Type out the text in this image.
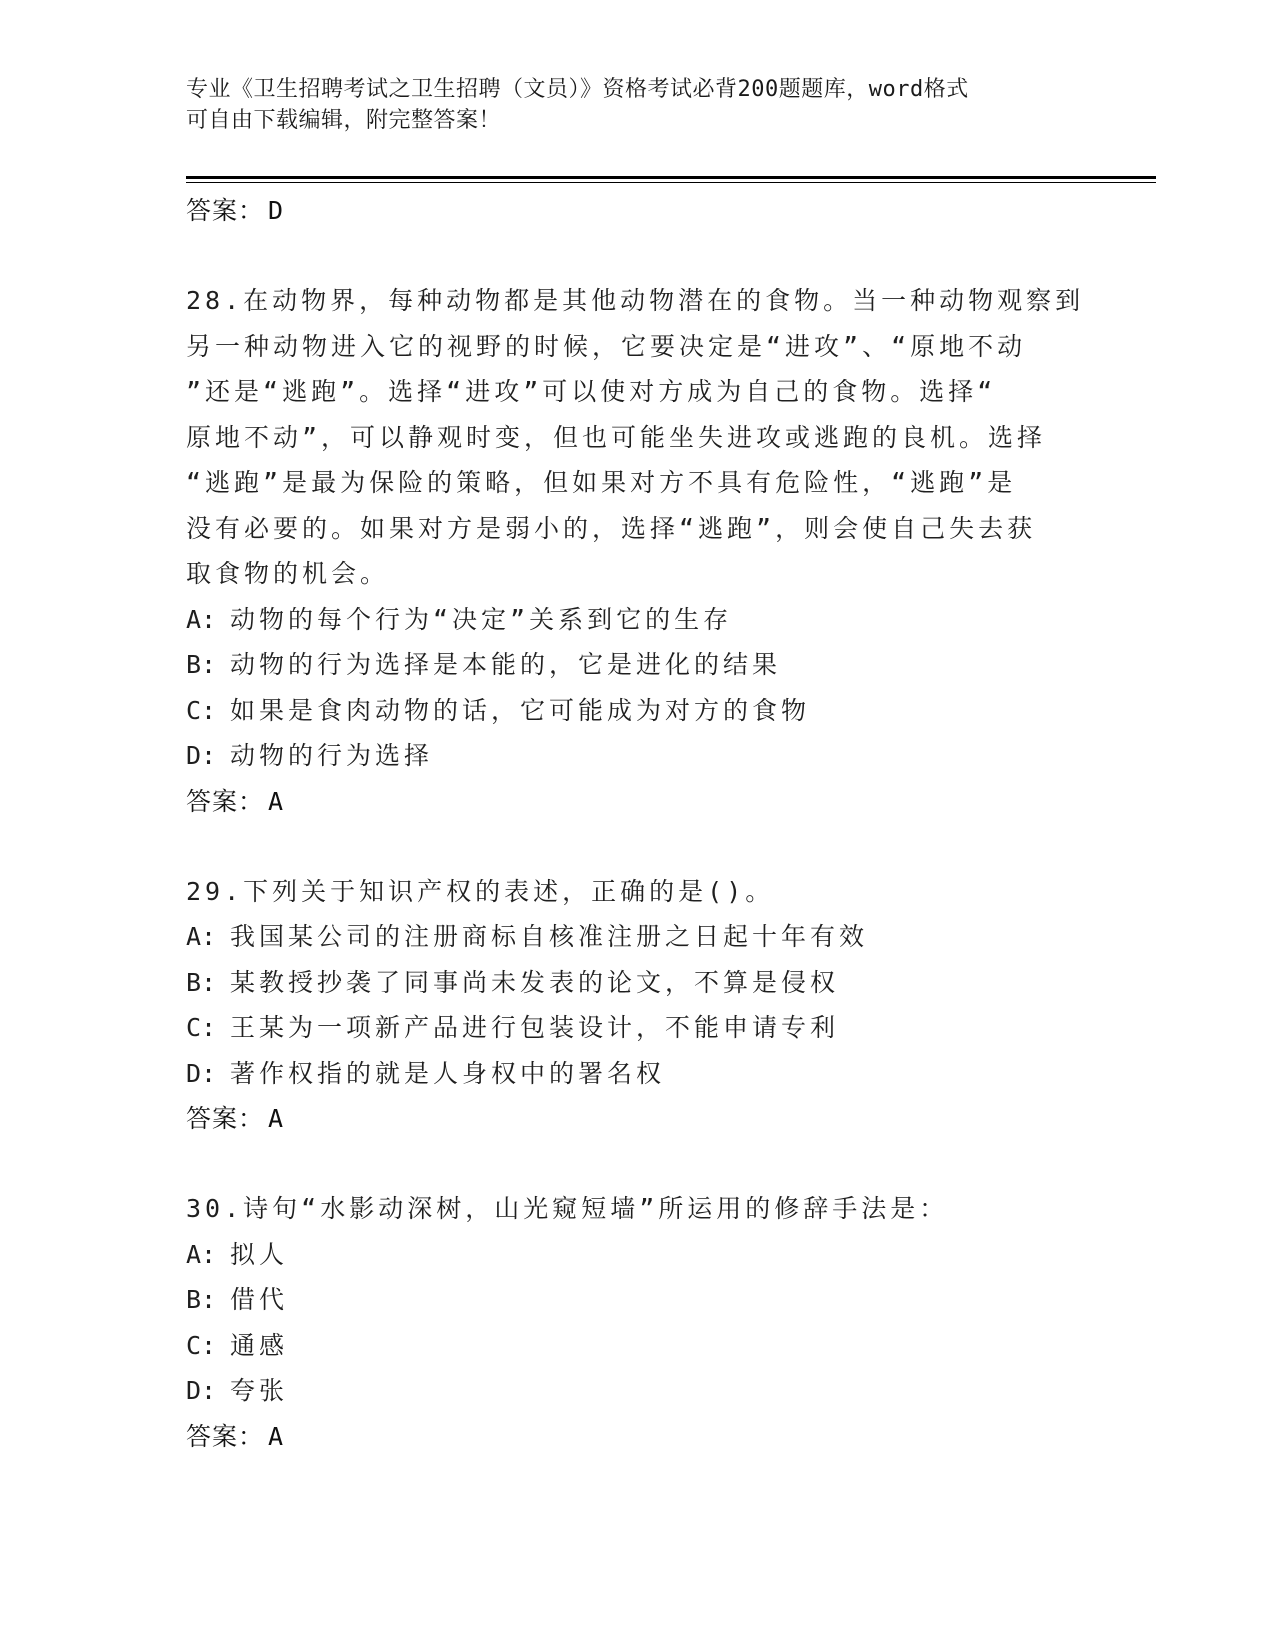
专业《卫生招聘考试之卫生招聘（文员）》资格考试必背200题题库，word格式
可自由下载编辑，附完整答案！
答案： D
28.在动物界，每种动物都是其他动物潜在的食物。当一种动物观察到
另一种动物进入它的视野的时候，它要决定是“进攻”、“原地不动
”还是“逃跑”。选择“进攻”可以使对方成为自己的食物。选择“
原地不动”，可以静观时变，但也可能坐失进攻或逃跑的良机。选择
“逃跑”是最为保险的策略，但如果对方不具有危险性，“逃跑”是
没有必要的。如果对方是弱小的，选择“逃跑”，则会使自己失去获
取食物的机会。
A: 动物的每个行为“决定”关系到它的生存
B: 动物的行为选择是本能的，它是进化的结果
C: 如果是食肉动物的话，它可能成为对方的食物
D: 动物的行为选择
答案： A
29.下列关于知识产权的表述，正确的是()。
A: 我国某公司的注册商标自核准注册之日起十年有效
B: 某教授抄袭了同事尚未发表的论文，不算是侵权
C: 王某为一项新产品进行包装设计，不能申请专利
D: 著作权指的就是人身权中的署名权
答案： A
30.诗句“水影动深树，山光窥短墙”所运用的修辞手法是：
A: 拟人
B: 借代
C: 通感
D: 夸张
答案： A
